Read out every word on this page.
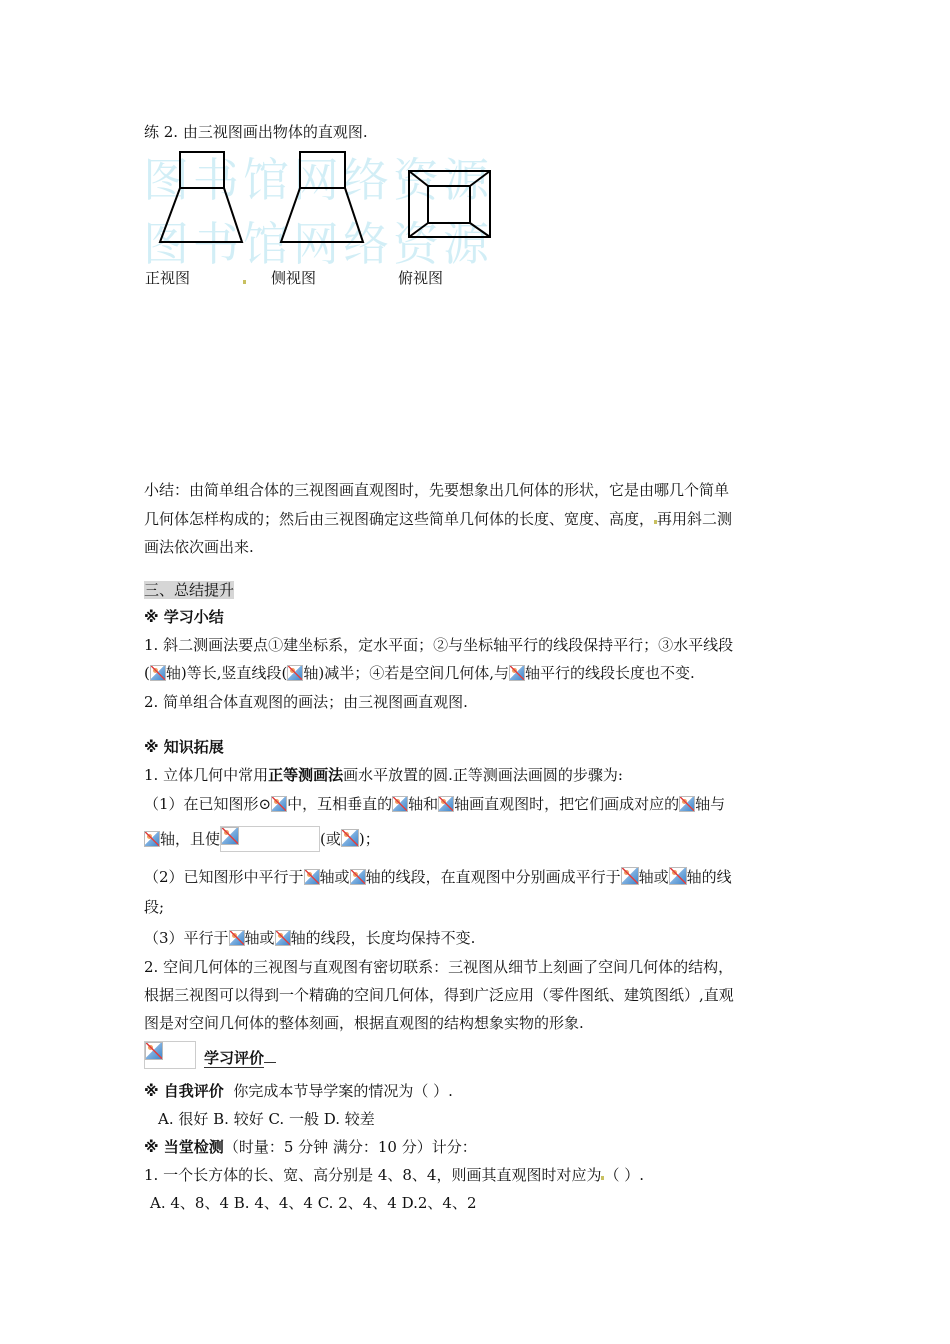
练 2. 由三视图画出物体的直观图.
图书馆网络资源
图书馆网络资源
正视图	侧视图	俯视图
小结：由简单组合体的三视图画直观图时，先要想象出几何体的形状，它是由哪几个简单
几何体怎样构成的；然后由三视图确定这些简单几何体的长度、宽度、高度， 再用斜二测
画法依次画出来.
三、总结提升
※ 学习小结
1. 斜二测画法要点①建坐标系，定水平面；②与坐标轴平行的线段保持平行；③水平线段
( 轴)等长,竖直线段( 轴)减半；④若是空间几何体,与 轴平行的线段长度也不变.
2. 简单组合体直观图的画法；由三视图画直观图.
※ 知识拓展
1. 立体几何中常用正等测画法画水平放置的圆.正等测画法画圆的步骤为:
（1）在已知图形⊙ 中，互相垂直的 轴和 轴画直观图时，把它们画成对应的 轴与
轴，且使	(或 )；
（2）已知图形中平行于 轴或 轴的线段，在直观图中分别画成平行于 轴或 轴的线
段;
（3）平行于 轴或 轴的线段，长度均保持不变.
2. 空间几何体的三视图与直观图有密切联系：三视图从细节上刻画了空间几何体的结构，
根据三视图可以得到一个精确的空间几何体，得到广泛应用（零件图纸、建筑图纸）,直观
图是对空间几何体的整体刻画，根据直观图的结构想象实物的形象.
学习评价
※ 自我评价 你完成本节导学案的情况为（ ）.
A. 很好 B. 较好 C. 一般 D. 较差
※ 当堂检测（时量：5 分钟 满分：10 分）计分：
1. 一个长方体的长、宽、高分别是 4、8、4，则画其直观图时对应为 （ ）.
A. 4、8、4 B. 4、4、4 C. 2、4、4 D.2、4、2
